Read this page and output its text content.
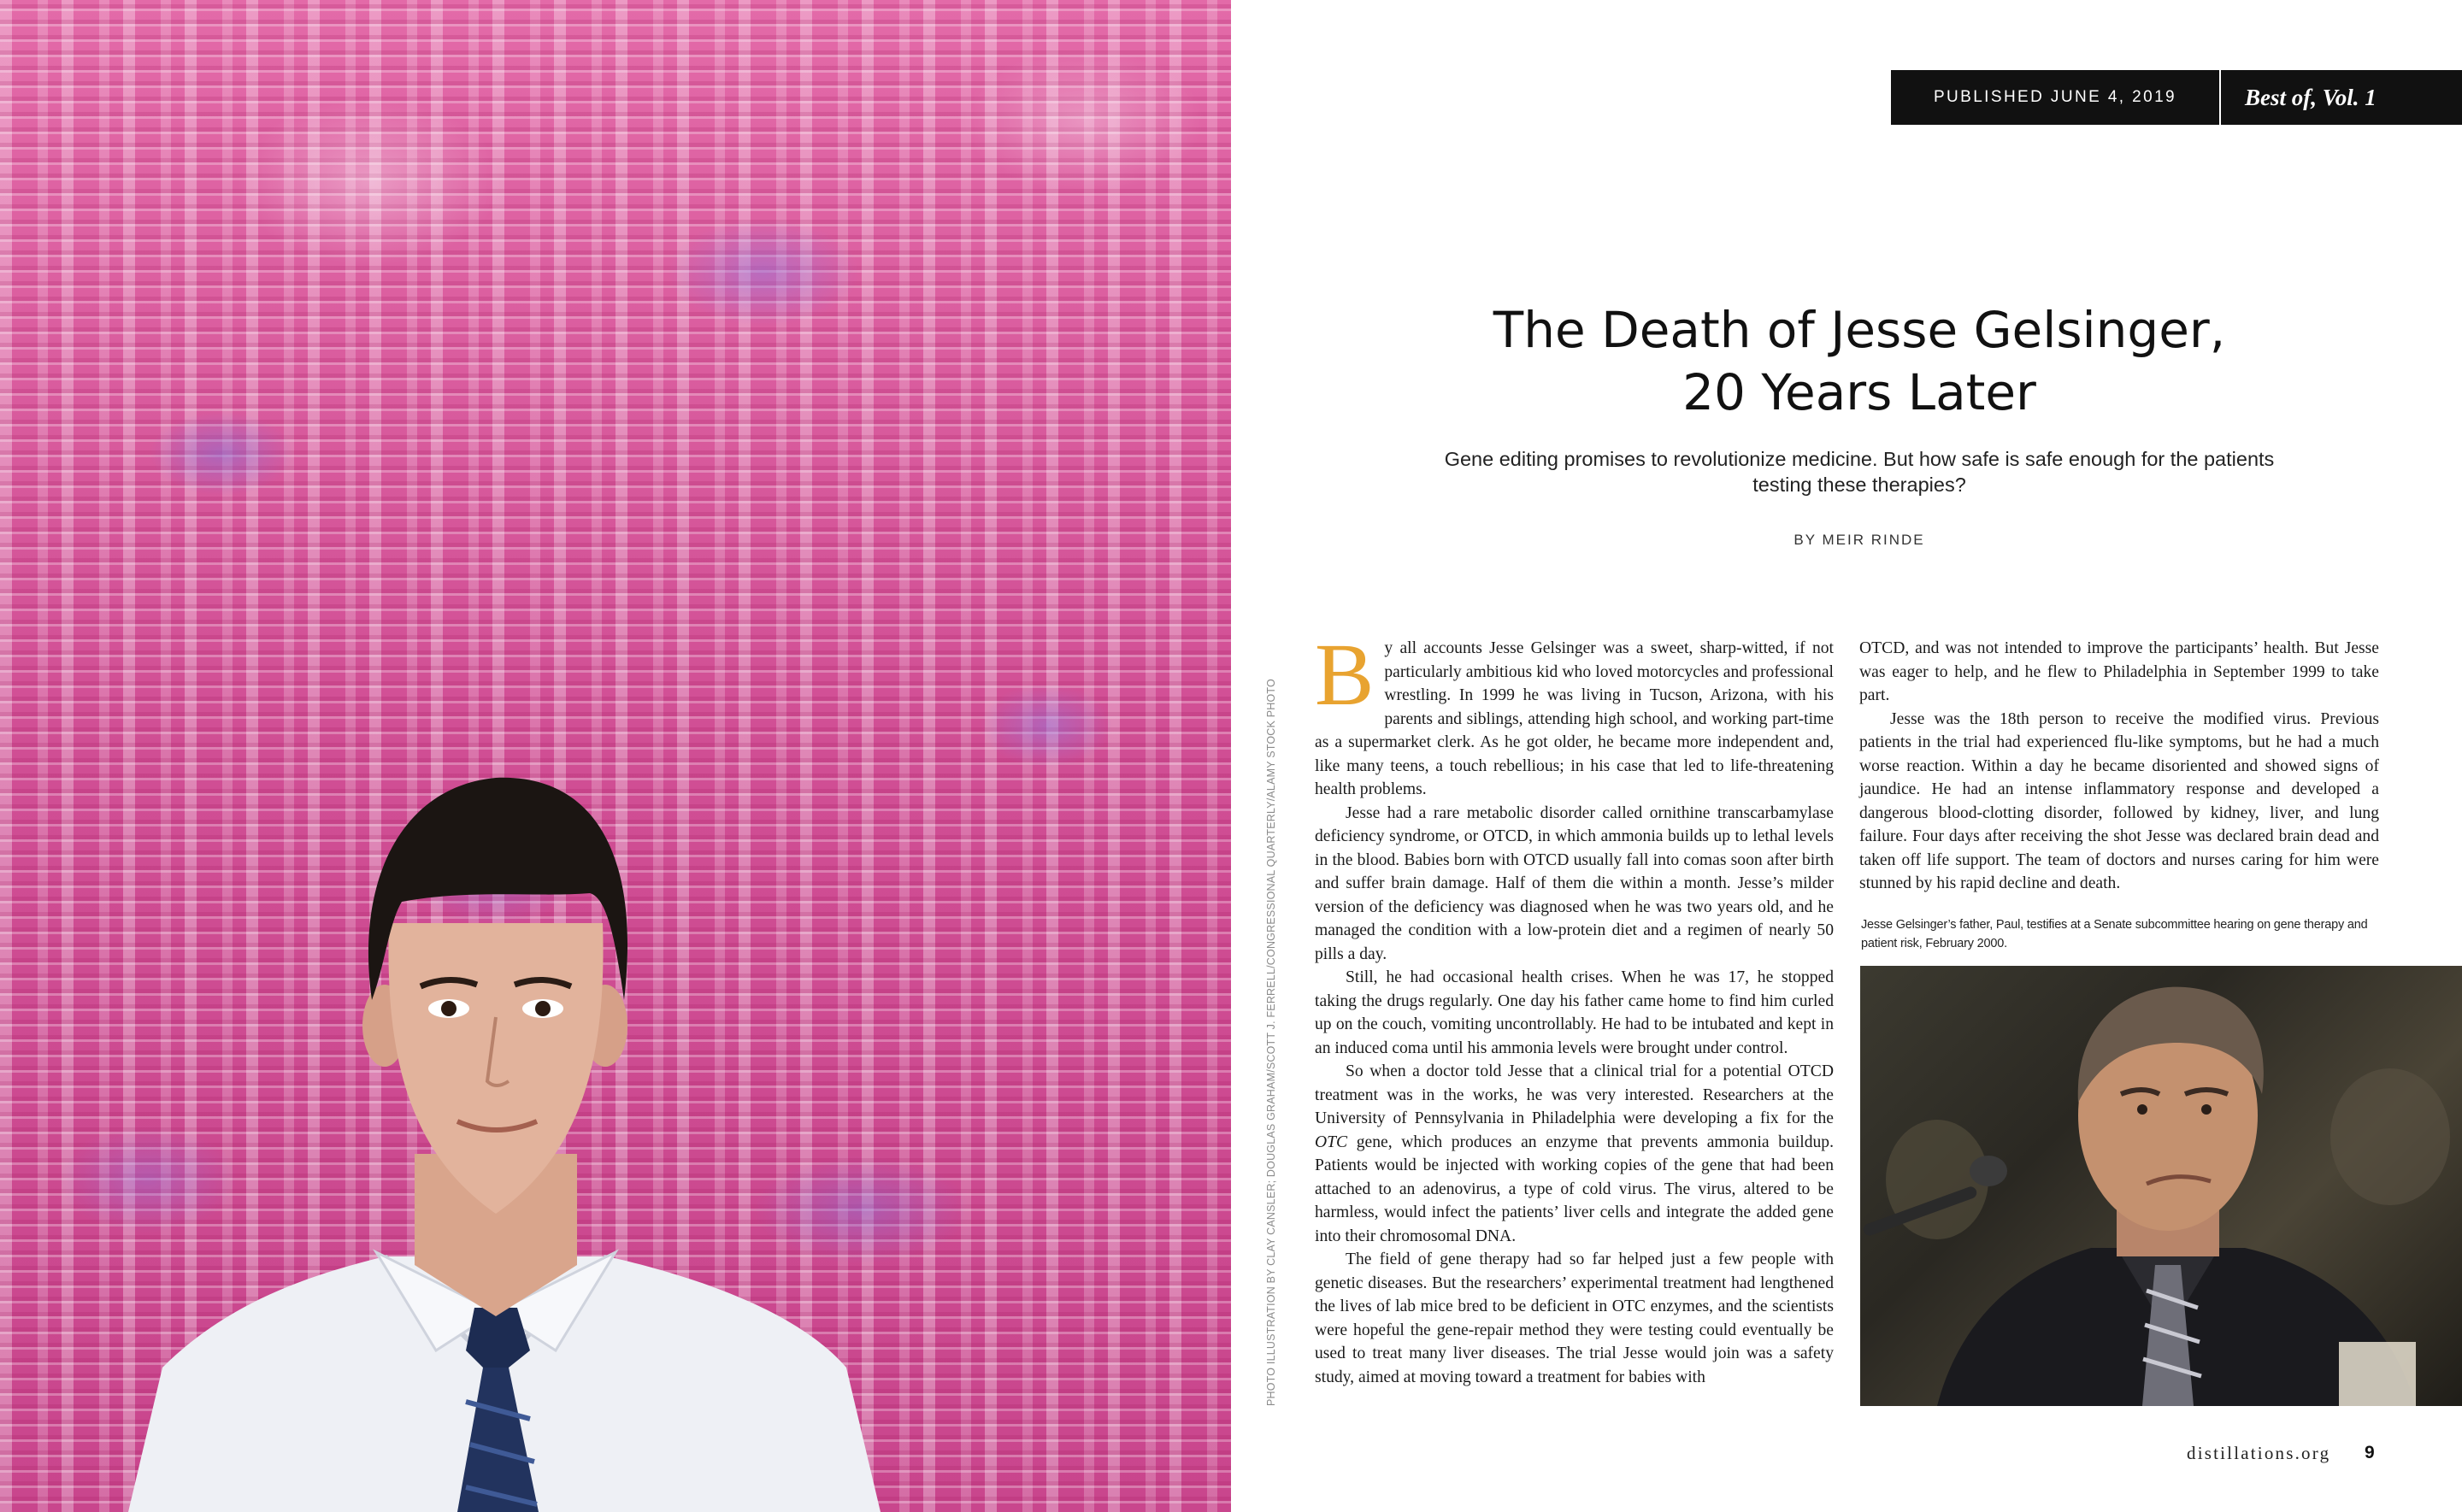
PHOTO ILLUSTRATION BY CLAY CANSLER; DOUGLAS GRAHAM/SCOTT J. FERRELL/CONGRESSIONAL QUARTERLY/ALAMY STOCK PHOTO
PUBLISHED JUNE 4, 2019	Best of, Vol. 1
The Death of Jesse Gelsinger,
20 Years Later
Gene editing promises to revolutionize medicine. But how safe is safe enough for the patients testing these therapies?
BY MEIR RINDE

By all accounts Jesse Gelsinger was a sweet, sharp-witted, if not particularly ambitious kid who loved motorcycles and professional wrestling. In 1999 he was living in Tucson, Arizona, with his parents and siblings, attending high school, and working part-time as a supermarket clerk. As he got older, he became more independent and, like many teens, a touch rebellious; in his case that led to life-threatening health problems.

Jesse had a rare metabolic disorder called ornithine transcarbamylase deficiency syndrome, or OTCD, in which ammonia builds up to lethal levels in the blood. Babies born with OTCD usually fall into comas soon after birth and suffer brain damage. Half of them die within a month. Jesse’s milder version of the deficiency was diagnosed when he was two years old, and he managed the condition with a low-protein diet and a regimen of nearly 50 pills a day.

Still, he had occasional health crises. When he was 17, he stopped taking the drugs regularly. One day his father came home to find him curled up on the couch, vomiting uncontrollably. He had to be intubated and kept in an induced coma until his ammonia levels were brought under control.

So when a doctor told Jesse that a clinical trial for a potential OTCD treatment was in the works, he was very interested. Researchers at the University of Pennsylvania in Philadelphia were developing a fix for the OTC gene, which produces an enzyme that prevents ammonia buildup. Patients would be injected with working copies of the gene that had been attached to an adenovirus, a type of cold virus. The virus, altered to be harmless, would infect the patients’ liver cells and integrate the added gene into their chromosomal DNA.

The field of gene therapy had so far helped just a few people with genetic diseases. But the researchers’ experimental treatment had lengthened the lives of lab mice bred to be deficient in OTC enzymes, and the scientists were hopeful the gene-repair method they were testing could eventually be used to treat many liver diseases. The trial Jesse would join was a safety study, aimed at moving toward a treatment for babies with

OTCD, and was not intended to improve the participants’ health. But Jesse was eager to help, and he flew to Philadelphia in September 1999 to take part.

Jesse was the 18th person to receive the modified virus. Previous patients in the trial had experienced flu-like symptoms, but he had a much worse reaction. Within a day he became disoriented and showed signs of jaundice. He had an intense inflammatory response and developed a dangerous blood-clotting disorder, followed by kidney, liver, and lung failure. Four days after receiving the shot Jesse was declared brain dead and taken off life support. The team of doctors and nurses caring for him were stunned by his rapid decline and death.

Jesse Gelsinger’s father, Paul, testifies at a Senate subcommittee hearing on gene therapy and patient risk, February 2000.
distillations.org 9
